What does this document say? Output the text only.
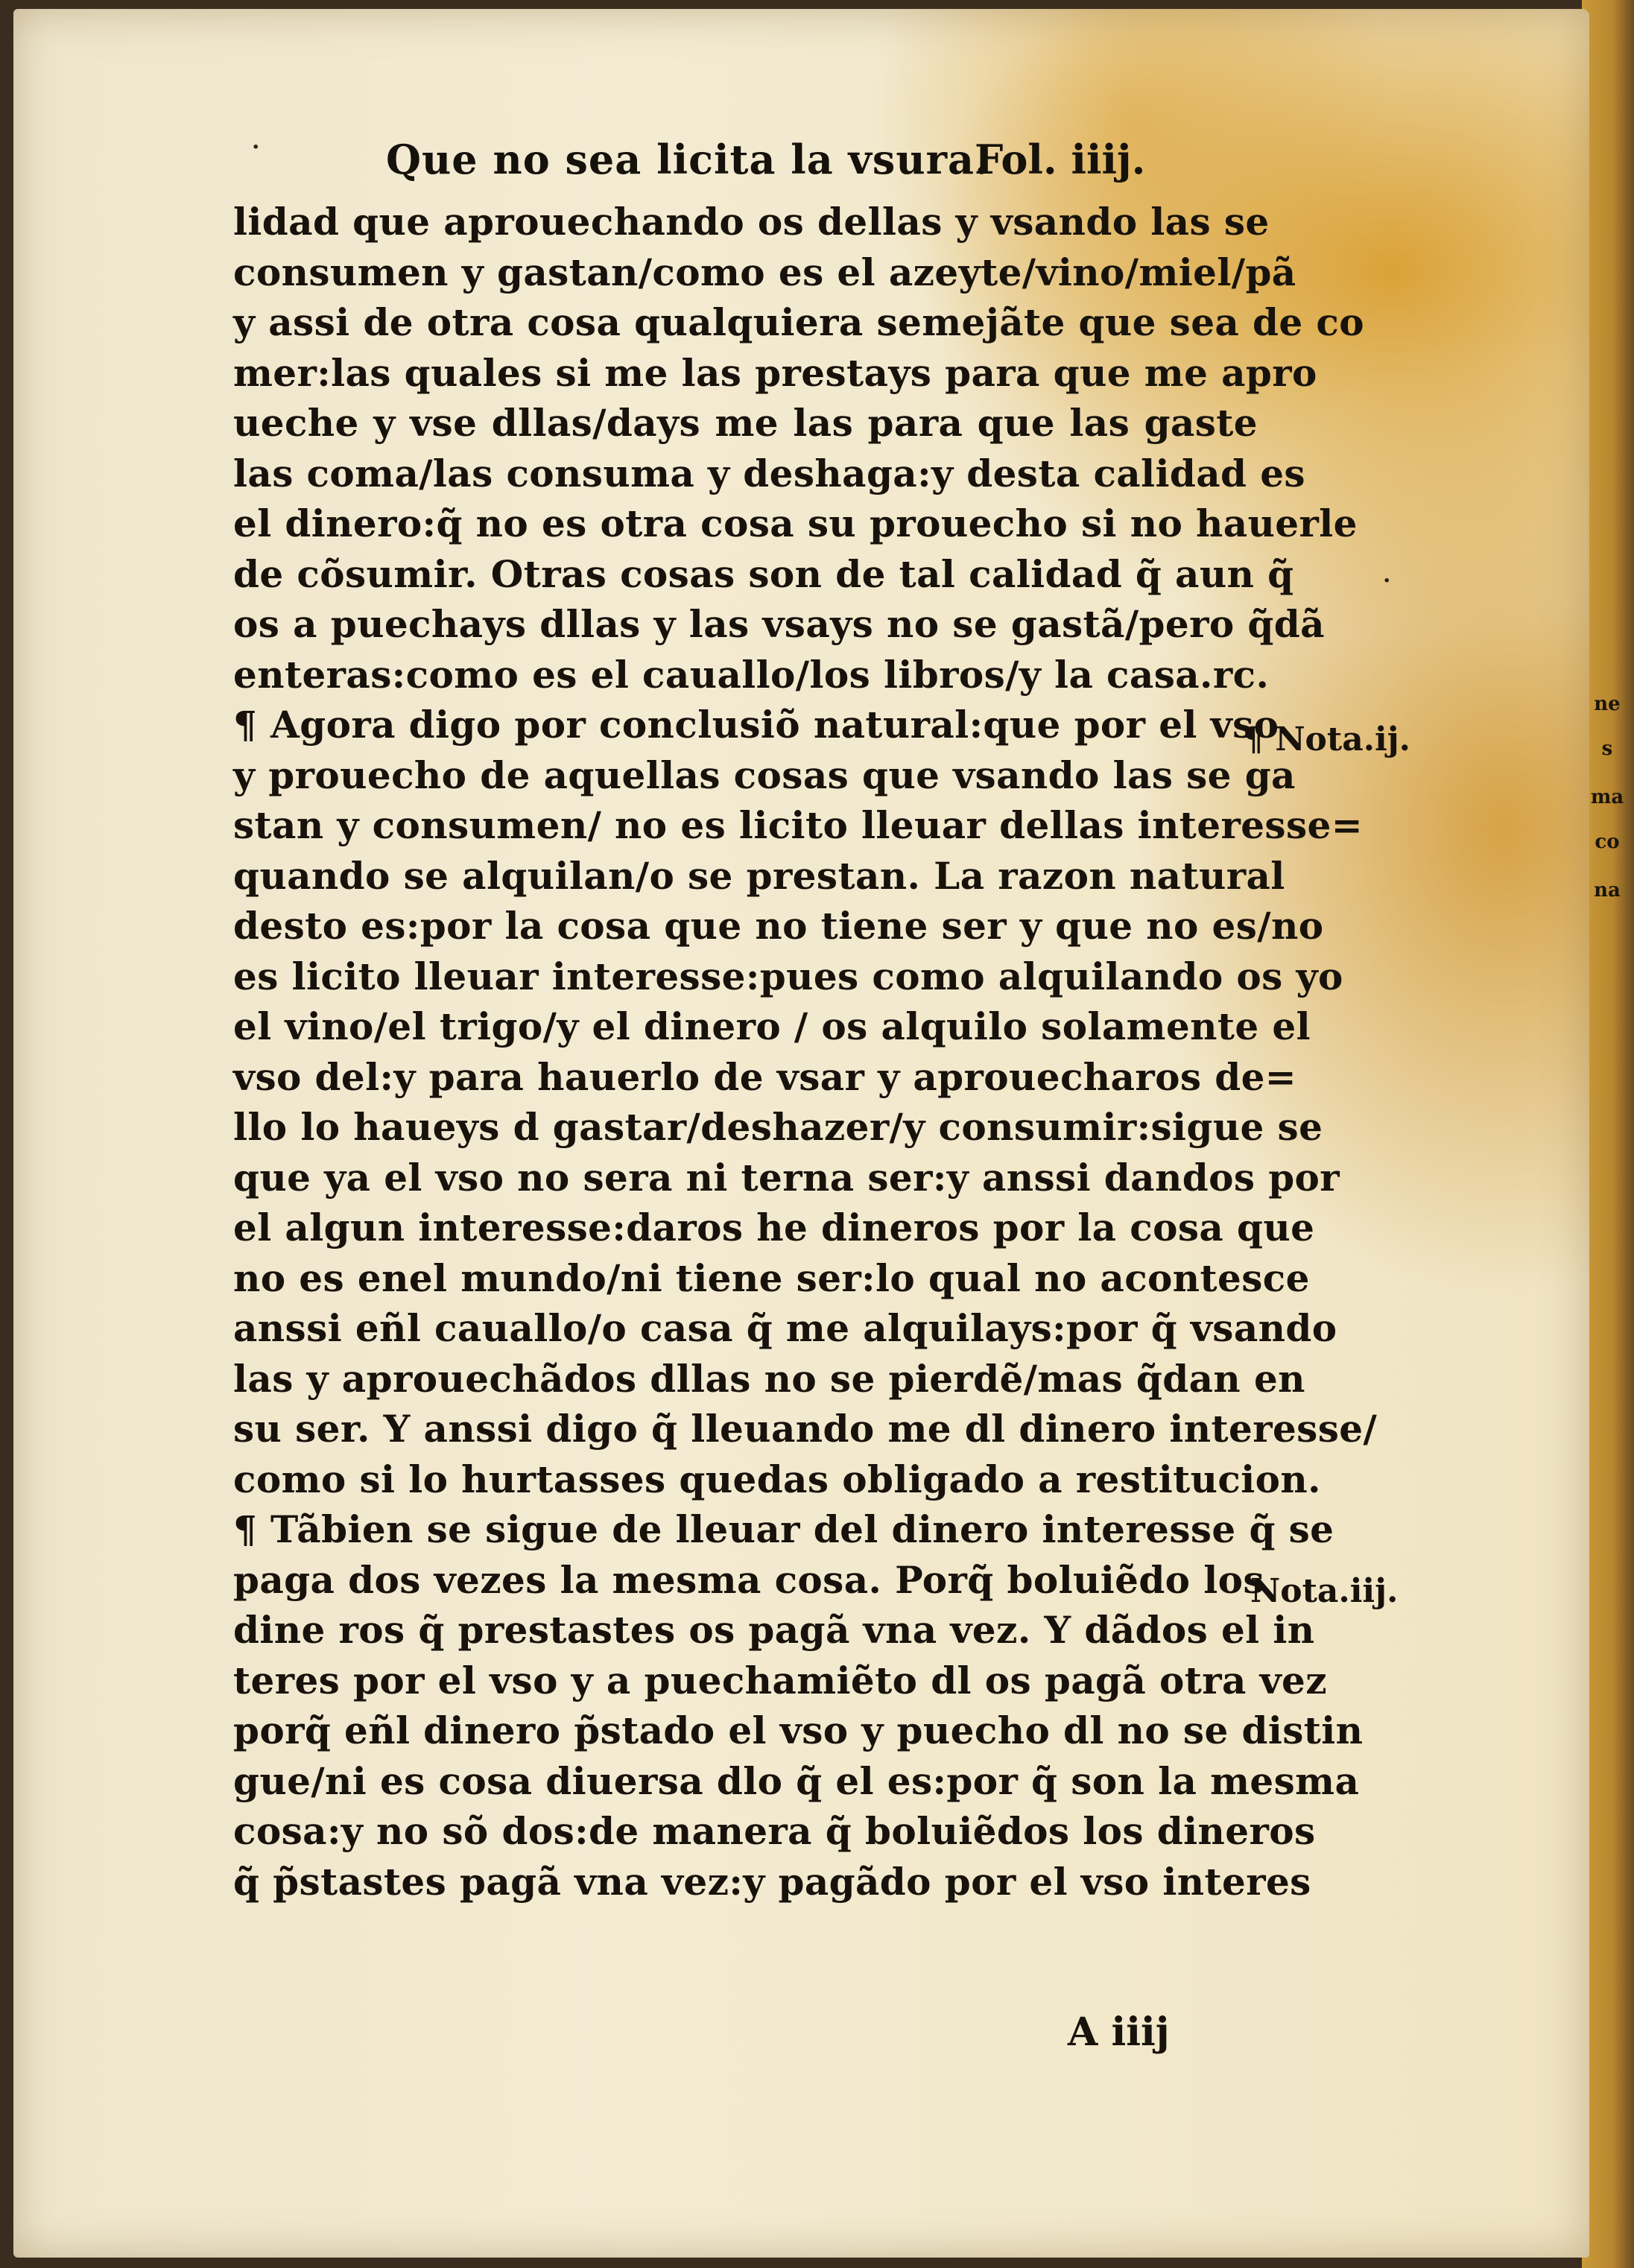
ne
s
ma
co
na
·
·
Que no sea licita la vsura.
Fol. iiij.
lidad que aprouechando os dellas y vsando las se
consumen y gastan/como es el azeyte/vino/miel/pã
y assi de otra cosa qualquiera semejãte que sea de co
mer:las quales si me las prestays para que me apro
ueche y vse dllas/days me las para que las gaste
las coma/las consuma y deshaga:y desta calidad es
el dinero:q̃ no es otra cosa su prouecho si no hauerle
de cõsumir. Otras cosas son de tal calidad q̃ aun q̃
os a puechays dllas y las vsays no se gastã/pero q̃dã
enteras:como es el cauallo/los libros/y la casa.rc.
¶ Agora digo por conclusiõ natural:que por el vso
y prouecho de aquellas cosas que vsando las se ga
stan y consumen/ no es licito lleuar dellas interesse=
quando se alquilan/o se prestan. La razon natural
desto es:por la cosa que no tiene ser y que no es/no
es licito lleuar interesse:pues como alquilando os yo
el vino/el trigo/y el dinero / os alquilo solamente el
vso del:y para hauerlo de vsar y aprouecharos de=
llo lo haueys d gastar/deshazer/y consumir:sigue se
que ya el vso no sera ni terna ser:y anssi dandos por
el algun interesse:daros he dineros por la cosa que
no es enel mundo/ni tiene ser:lo qual no acontesce
anssi eñl cauallo/o casa q̃ me alquilays:por q̃ vsando
las y aprouechãdos dllas no se pierdẽ/mas q̃dan en
su ser. Y anssi digo q̃ lleuando me dl dinero interesse/
como si lo hurtasses quedas obligado a restitucion.
¶ Tãbien se sigue de lleuar del dinero interesse q̃ se
paga dos vezes la mesma cosa. Porq̃ boluiẽdo los
dine ros q̃ prestastes os pagã vna vez. Y dãdos el in
teres por el vso y a puechamiẽto dl os pagã otra vez
porq̃ eñl dinero p̃stado el vso y puecho dl no se distin
gue/ni es cosa diuersa dlo q̃ el es:por q̃ son la mesma
cosa:y no sõ dos:de manera q̃ boluiẽdos los dineros
q̃ p̃stastes pagã vna vez:y pagãdo por el vso interes
¶ Nota.ij.
Nota.iij.
A iiij
